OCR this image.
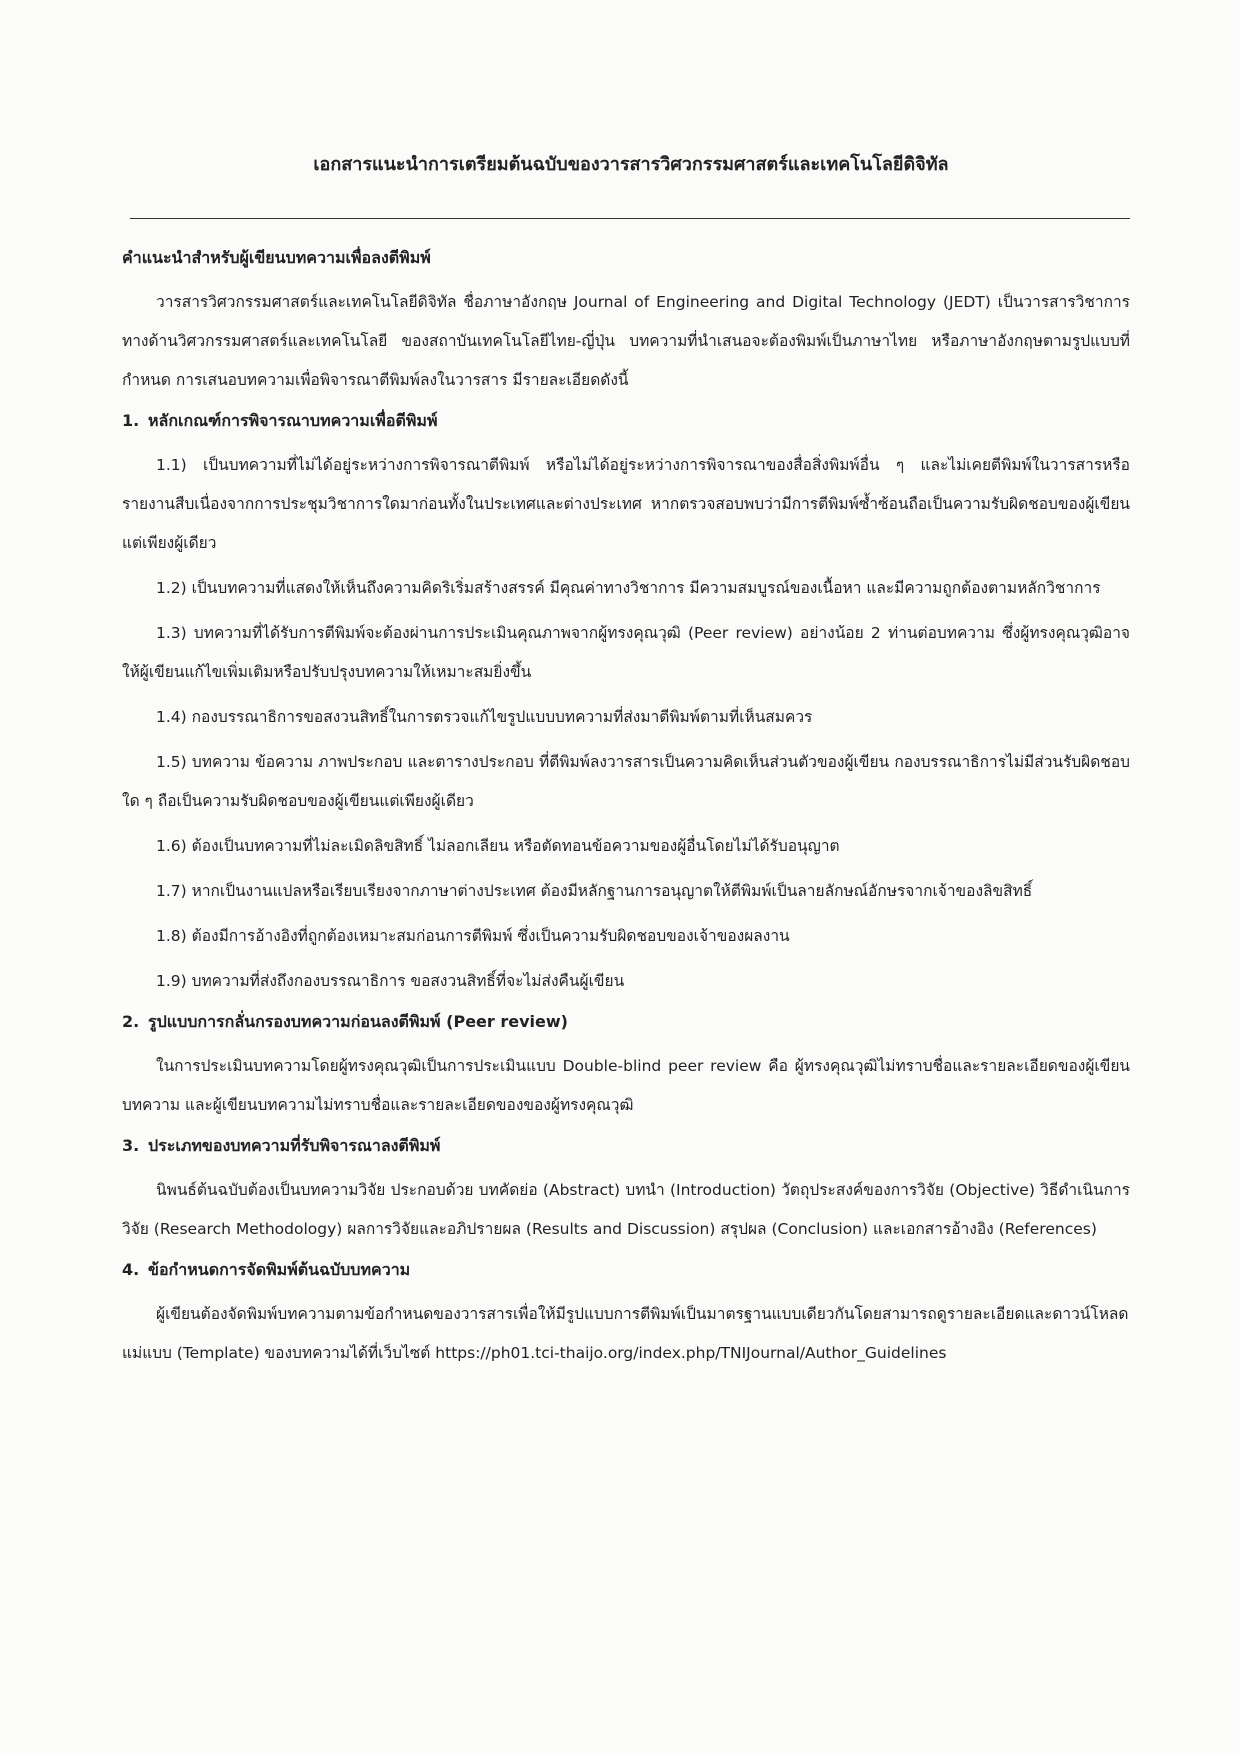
เอกสารแนะนำการเตรียมต้นฉบับของวารสารวิศวกรรมศาสตร์และเทคโนโลยีดิจิทัล
คำแนะนำสำหรับผู้เขียนบทความเพื่อลงตีพิมพ์

วารสารวิศวกรรมศาสตร์และเทคโนโลยีดิจิทัล ชื่อภาษาอังกฤษ Journal of Engineering and Digital Technology (JEDT) เป็นวารสารวิชาการทางด้านวิศวกรรมศาสตร์และเทคโนโลยี ของสถาบันเทคโนโลยีไทย-ญี่ปุ่น บทความที่นำเสนอจะต้องพิมพ์เป็นภาษาไทย หรือภาษาอังกฤษตามรูปแบบที่กำหนด การเสนอบทความเพื่อพิจารณาตีพิมพ์ลงในวารสาร มีรายละเอียดดังนี้

1. หลักเกณฑ์การพิจารณาบทความเพื่อตีพิมพ์

1.1) เป็นบทความที่ไม่ได้อยู่ระหว่างการพิจารณาตีพิมพ์ หรือไม่ได้อยู่ระหว่างการพิจารณาของสื่อสิ่งพิมพ์อื่น ๆ และไม่เคยตีพิมพ์ในวารสารหรือรายงานสืบเนื่องจากการประชุมวิชาการใดมาก่อนทั้งในประเทศและต่างประเทศ หากตรวจสอบพบว่ามีการตีพิมพ์ซ้ำซ้อนถือเป็นความรับผิดชอบของผู้เขียนแต่เพียงผู้เดียว

1.2) เป็นบทความที่แสดงให้เห็นถึงความคิดริเริ่มสร้างสรรค์ มีคุณค่าทางวิชาการ มีความสมบูรณ์ของเนื้อหา และมีความถูกต้องตามหลักวิชาการ

1.3) บทความที่ได้รับการตีพิมพ์จะต้องผ่านการประเมินคุณภาพจากผู้ทรงคุณวุฒิ (Peer review) อย่างน้อย 2 ท่านต่อบทความ ซึ่งผู้ทรงคุณวุฒิอาจให้ผู้เขียนแก้ไขเพิ่มเติมหรือปรับปรุงบทความให้เหมาะสมยิ่งขึ้น

1.4) กองบรรณาธิการขอสงวนสิทธิ์ในการตรวจแก้ไขรูปแบบบทความที่ส่งมาตีพิมพ์ตามที่เห็นสมควร

1.5) บทความ ข้อความ ภาพประกอบ และตารางประกอบ ที่ตีพิมพ์ลงวารสารเป็นความคิดเห็นส่วนตัวของผู้เขียน กองบรรณาธิการไม่มีส่วนรับผิดชอบใด ๆ ถือเป็นความรับผิดชอบของผู้เขียนแต่เพียงผู้เดียว

1.6) ต้องเป็นบทความที่ไม่ละเมิดลิขสิทธิ์ ไม่ลอกเลียน หรือตัดทอนข้อความของผู้อื่นโดยไม่ได้รับอนุญาต

1.7) หากเป็นงานแปลหรือเรียบเรียงจากภาษาต่างประเทศ ต้องมีหลักฐานการอนุญาตให้ตีพิมพ์เป็นลายลักษณ์อักษรจากเจ้าของลิขสิทธิ์

1.8) ต้องมีการอ้างอิงที่ถูกต้องเหมาะสมก่อนการตีพิมพ์ ซึ่งเป็นความรับผิดชอบของเจ้าของผลงาน

1.9) บทความที่ส่งถึงกองบรรณาธิการ ขอสงวนสิทธิ์ที่จะไม่ส่งคืนผู้เขียน

2. รูปแบบการกลั่นกรองบทความก่อนลงตีพิมพ์ (Peer review)

ในการประเมินบทความโดยผู้ทรงคุณวุฒิเป็นการประเมินแบบ Double-blind peer review คือ ผู้ทรงคุณวุฒิไม่ทราบชื่อและรายละเอียดของผู้เขียนบทความ และผู้เขียนบทความไม่ทราบชื่อและรายละเอียดของของผู้ทรงคุณวุฒิ

3. ประเภทของบทความที่รับพิจารณาลงตีพิมพ์

นิพนธ์ต้นฉบับต้องเป็นบทความวิจัย ประกอบด้วย บทคัดย่อ (Abstract) บทนำ (Introduction) วัตถุประสงค์ของการวิจัย (Objective) วิธีดำเนินการวิจัย (Research Methodology) ผลการวิจัยและอภิปรายผล (Results and Discussion) สรุปผล (Conclusion) และเอกสารอ้างอิง (References)

4. ข้อกำหนดการจัดพิมพ์ต้นฉบับบทความ

ผู้เขียนต้องจัดพิมพ์บทความตามข้อกำหนดของวารสารเพื่อให้มีรูปแบบการตีพิมพ์เป็นมาตรฐานแบบเดียวกันโดยสามารถดูรายละเอียดและดาวน์โหลดแม่แบบ (Template) ของบทความได้ที่เว็บไซต์ https://ph01.tci-thaijo.org/index.php/TNIJournal/Author_Guidelines
